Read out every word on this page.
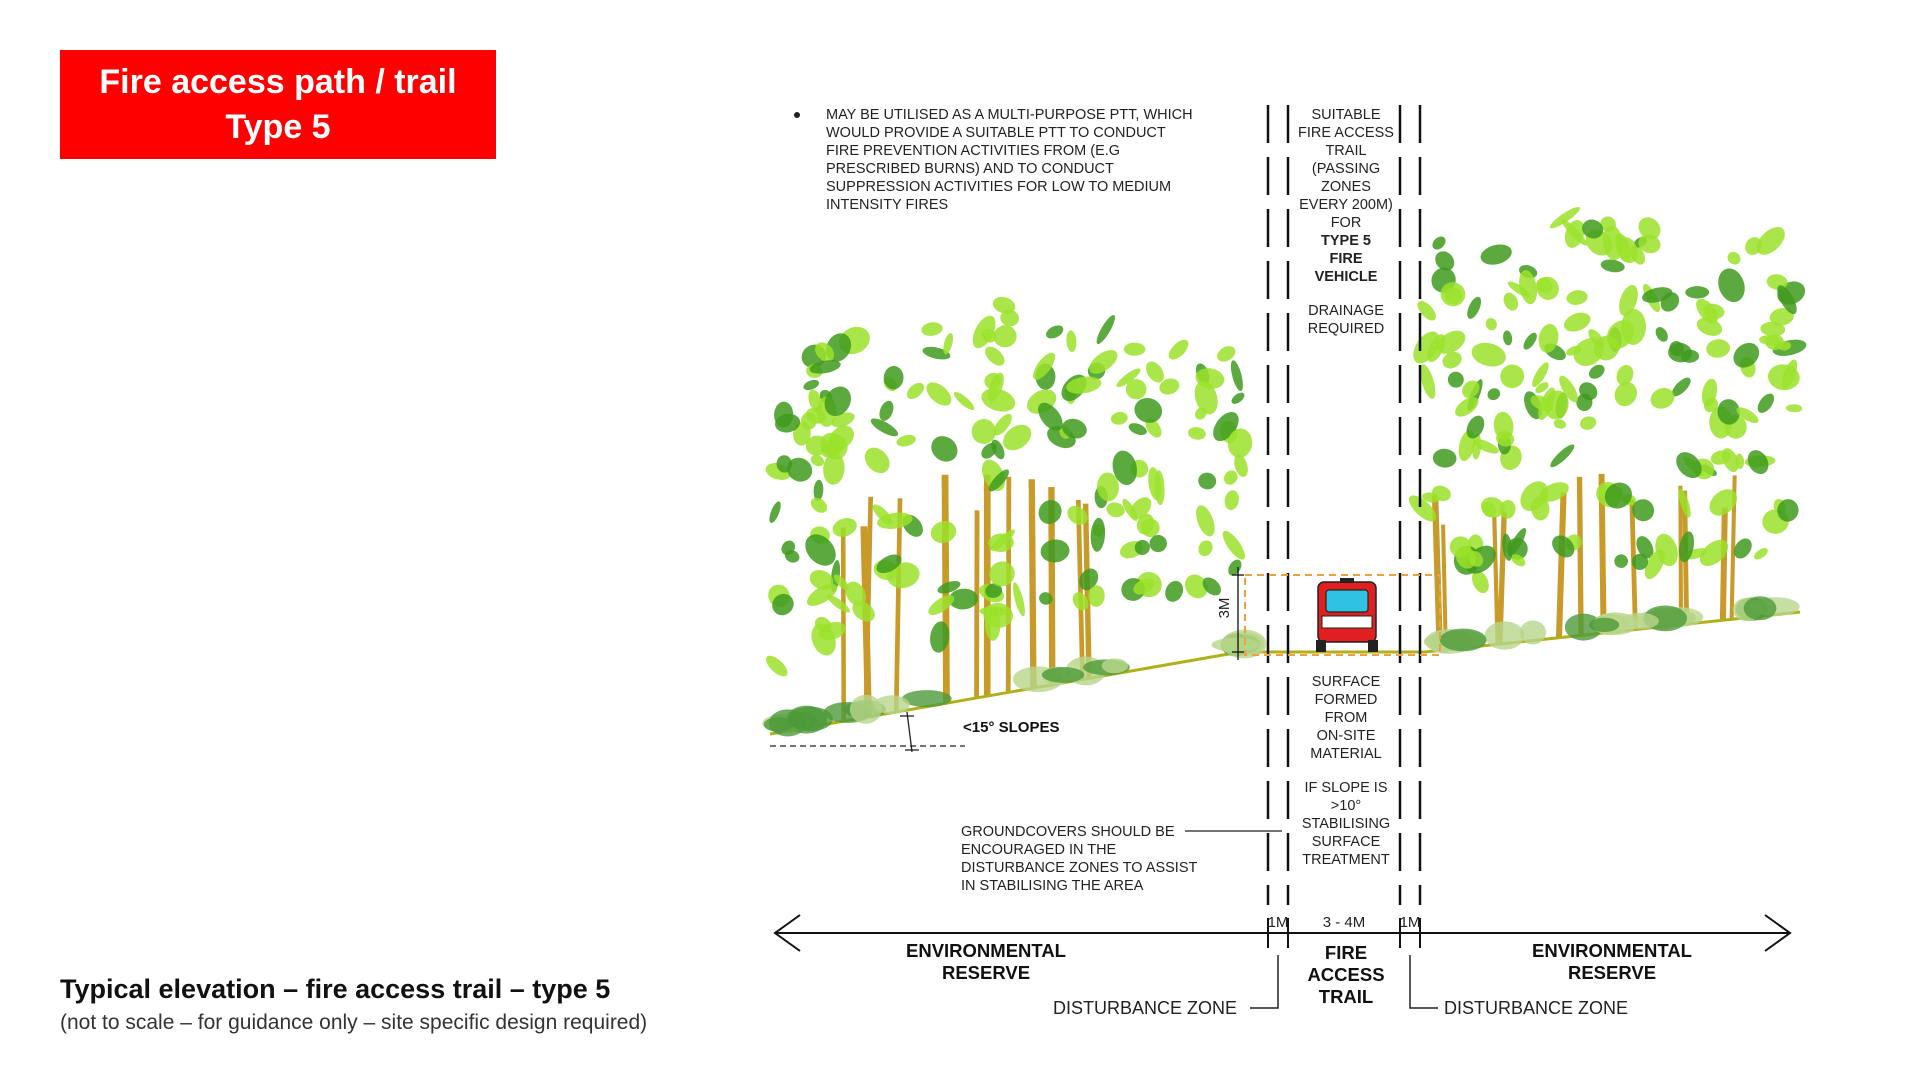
Fire access path / trail
Type 5
3M
MAY BE UTILISED AS A MULTI-PURPOSE PTT, WHICH
WOULD PROVIDE A SUITABLE PTT TO CONDUCT
FIRE PREVENTION ACTIVITIES FROM (E.G
PRESCRIBED BURNS) AND TO CONDUCT
SUPPRESSION ACTIVITIES FOR LOW TO MEDIUM
INTENSITY FIRES
SUITABLE
FIRE ACCESS
TRAIL
(PASSING
ZONES
EVERY 200M)
FOR
TYPE 5
FIRE
VEHICLE
DRAINAGE
REQUIRED
SURFACE
FORMED
FROM
ON-SITE
MATERIAL
IF SLOPE IS
>10°
STABILISING
SURFACE
TREATMENT
<15° SLOPES
GROUNDCOVERS SHOULD BE
ENCOURAGED IN THE
DISTURBANCE ZONES TO ASSIST
IN STABILISING THE AREA
1M 3 - 4M 1M
ENVIRONMENTAL
RESERVE
ENVIRONMENTAL
RESERVE
FIRE
ACCESS
TRAIL
DISTURBANCE ZONE	DISTURBANCE ZONE
Typical elevation – fire access trail – type 5
(not to scale – for guidance only – site specific design required)
